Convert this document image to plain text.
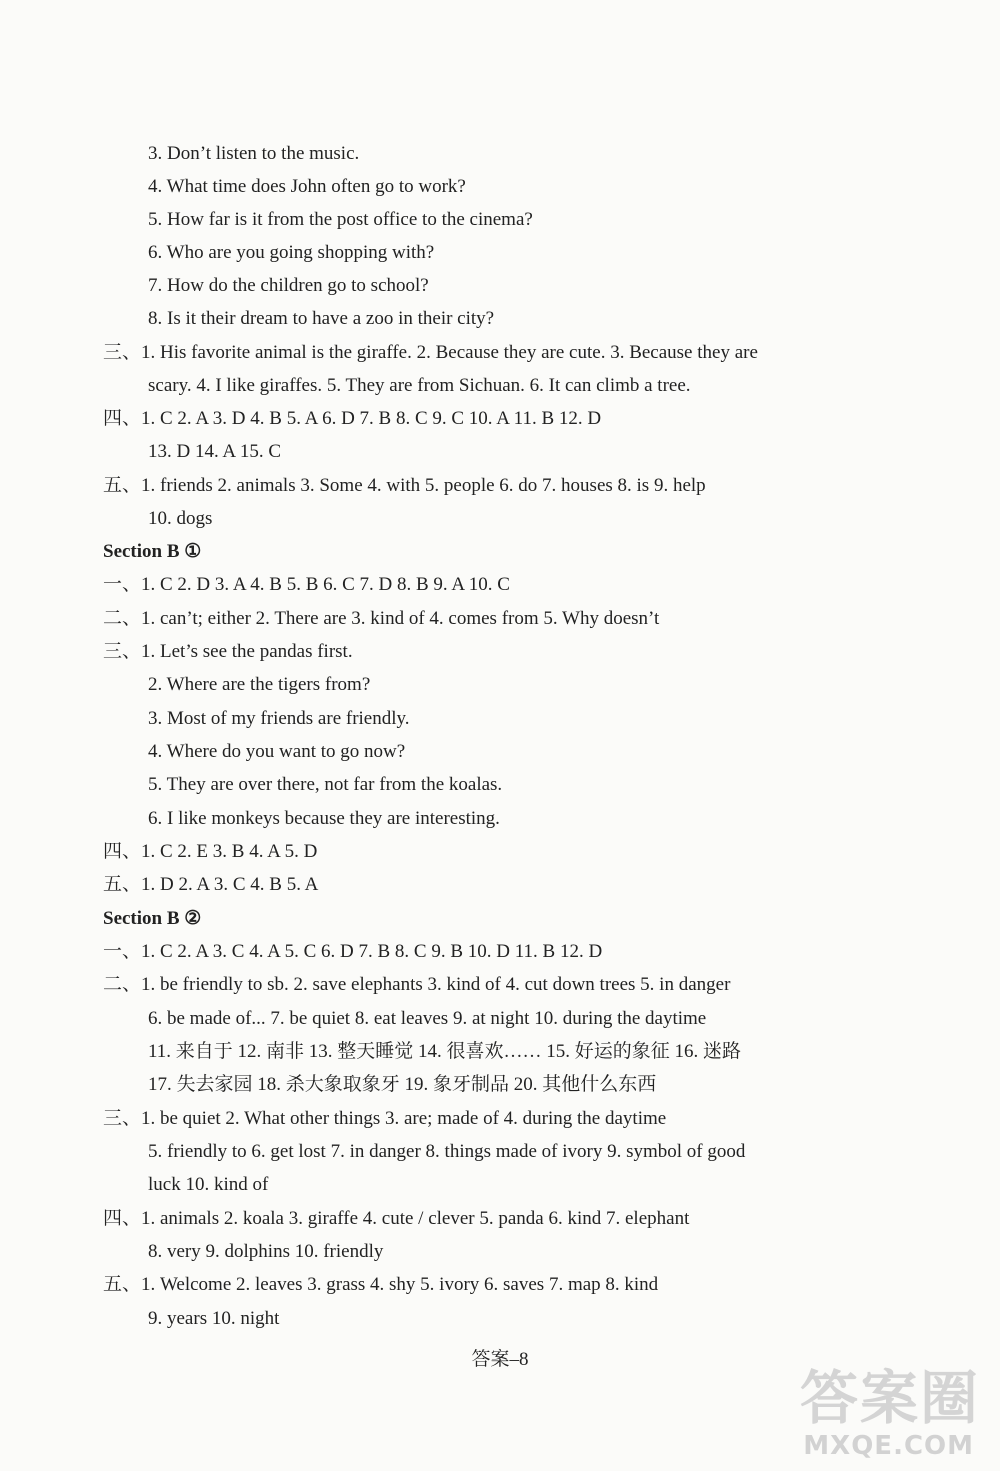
3. Don’t listen to the music.
4. What time does John often go to work?
5. How far is it from the post office to the cinema?
6. Who are you going shopping with?
7. How do the children go to school?
8. Is it their dream to have a zoo in their city?
三、1. His favorite animal is the giraffe. 2. Because they are cute. 3. Because they are
scary. 4. I like giraffes. 5. They are from Sichuan. 6. It can climb a tree.
四、1. C 2. A 3. D 4. B 5. A 6. D 7. B 8. C 9. C 10. A 11. B 12. D
13. D 14. A 15. C
五、1. friends 2. animals 3. Some 4. with 5. people 6. do 7. houses 8. is 9. help
10. dogs
Section B ①
一、1. C 2. D 3. A 4. B 5. B 6. C 7. D 8. B 9. A 10. C
二、1. can’t; either 2. There are 3. kind of 4. comes from 5. Why doesn’t
三、1. Let’s see the pandas first.
2. Where are the tigers from?
3. Most of my friends are friendly.
4. Where do you want to go now?
5. They are over there, not far from the koalas.
6. I like monkeys because they are interesting.
四、1. C 2. E 3. B 4. A 5. D
五、1. D 2. A 3. C 4. B 5. A
Section B ②
一、1. C 2. A 3. C 4. A 5. C 6. D 7. B 8. C 9. B 10. D 11. B 12. D
二、1. be friendly to sb. 2. save elephants 3. kind of 4. cut down trees 5. in danger
6. be made of... 7. be quiet 8. eat leaves 9. at night 10. during the daytime
11. 来自于 12. 南非 13. 整天睡觉 14. 很喜欢…… 15. 好运的象征 16. 迷路
17. 失去家园 18. 杀大象取象牙 19. 象牙制品 20. 其他什么东西
三、1. be quiet 2. What other things 3. are; made of 4. during the daytime
5. friendly to 6. get lost 7. in danger 8. things made of ivory 9. symbol of good
luck 10. kind of
四、1. animals 2. koala 3. giraffe 4. cute / clever 5. panda 6. kind 7. elephant
8. very 9. dolphins 10. friendly
五、1. Welcome 2. leaves 3. grass 4. shy 5. ivory 6. saves 7. map 8. kind
9. years 10. night
答案–8
答案圈
MXQE.COM
